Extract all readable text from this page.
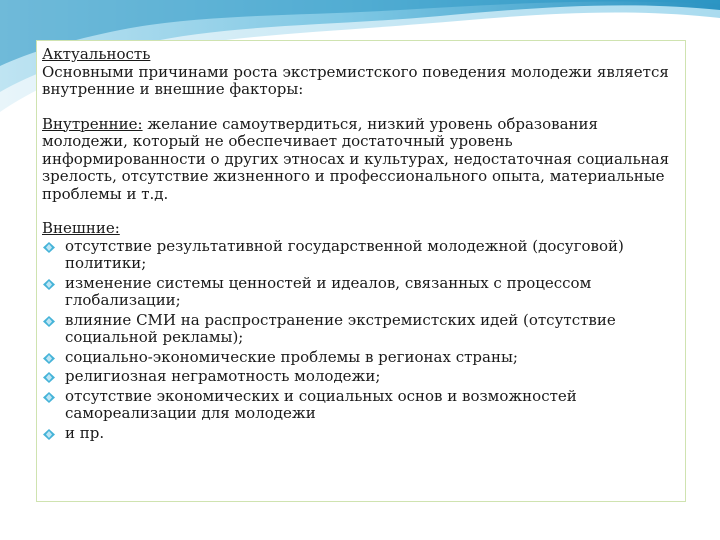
Актуальность

Основными причинами роста экстремистского поведения молодежи является внутренние и внешние факторы:

Внутренние: желание самоутвердиться, низкий уровень образования молодежи, который не обеспечивает достаточный уровень информированности о других этносах и культурах, недостаточная социальная зрелость, отсутствие жизненного и профессионального опыта, материальные проблемы и т.д.

Внешние:

отсутствие результативной государственной молодежной (досуговой) политики;
изменение системы ценностей и идеалов, связанных с процессом глобализации;
влияние СМИ на распространение экстремистских идей (отсутствие социальной рекламы);
социально-экономические проблемы в регионах страны;
религиозная неграмотность молодежи;
отсутствие экономических и социальных основ и возможностей самореализации для молодежи
и пр.
